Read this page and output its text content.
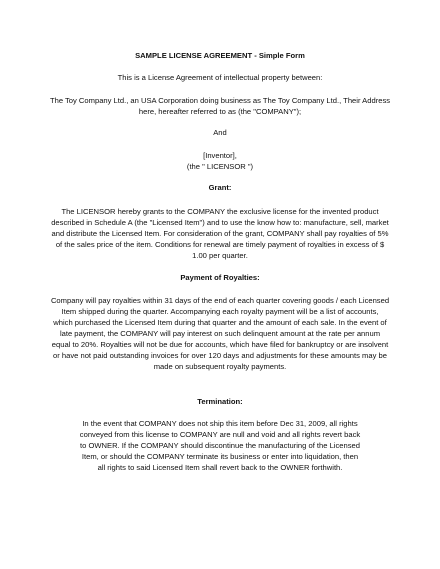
SAMPLE LICENSE AGREEMENT - Simple Form

This is a License Agreement of intellectual property between:

The Toy Company Ltd., an USA Corporation doing business as The Toy Company Ltd., Their Address

here, hereafter referred to as (the "COMPANY");

And

[Inventor],

(the " LICENSOR ")

Grant:

The LICENSOR hereby grants to the COMPANY the exclusive license for the invented product

described in Schedule A (the "Licensed Item") and to use the know how to: manufacture, sell, market

and distribute the Licensed Item. For consideration of the grant, COMPANY shall pay royalties of 5%

of the sales price of the item. Conditions for renewal are timely payment of royalties in excess of $

1.00 per quarter.

Payment of Royalties:

Company will pay royalties within 31 days of the end of each quarter covering goods / each Licensed

Item shipped during the quarter. Accompanying each royalty payment will be a list of accounts,

which purchased the Licensed Item during that quarter and the amount of each sale. In the event of

late payment, the COMPANY will pay interest on such delinquent amount at the rate per annum

equal to 20%. Royalties will not be due for accounts, which have filed for bankruptcy or are insolvent

or have not paid outstanding invoices for over 120 days and adjustments for these amounts may be

made on subsequent royalty payments.

Termination:

In the event that COMPANY does not ship this item before Dec 31, 2009, all rights

conveyed from this license to COMPANY are null and void and all rights revert back

to OWNER. If the COMPANY should discontinue the manufacturing of the Licensed

Item, or should the COMPANY terminate its business or enter into liquidation, then

all rights to said Licensed Item shall revert back to the OWNER forthwith.
